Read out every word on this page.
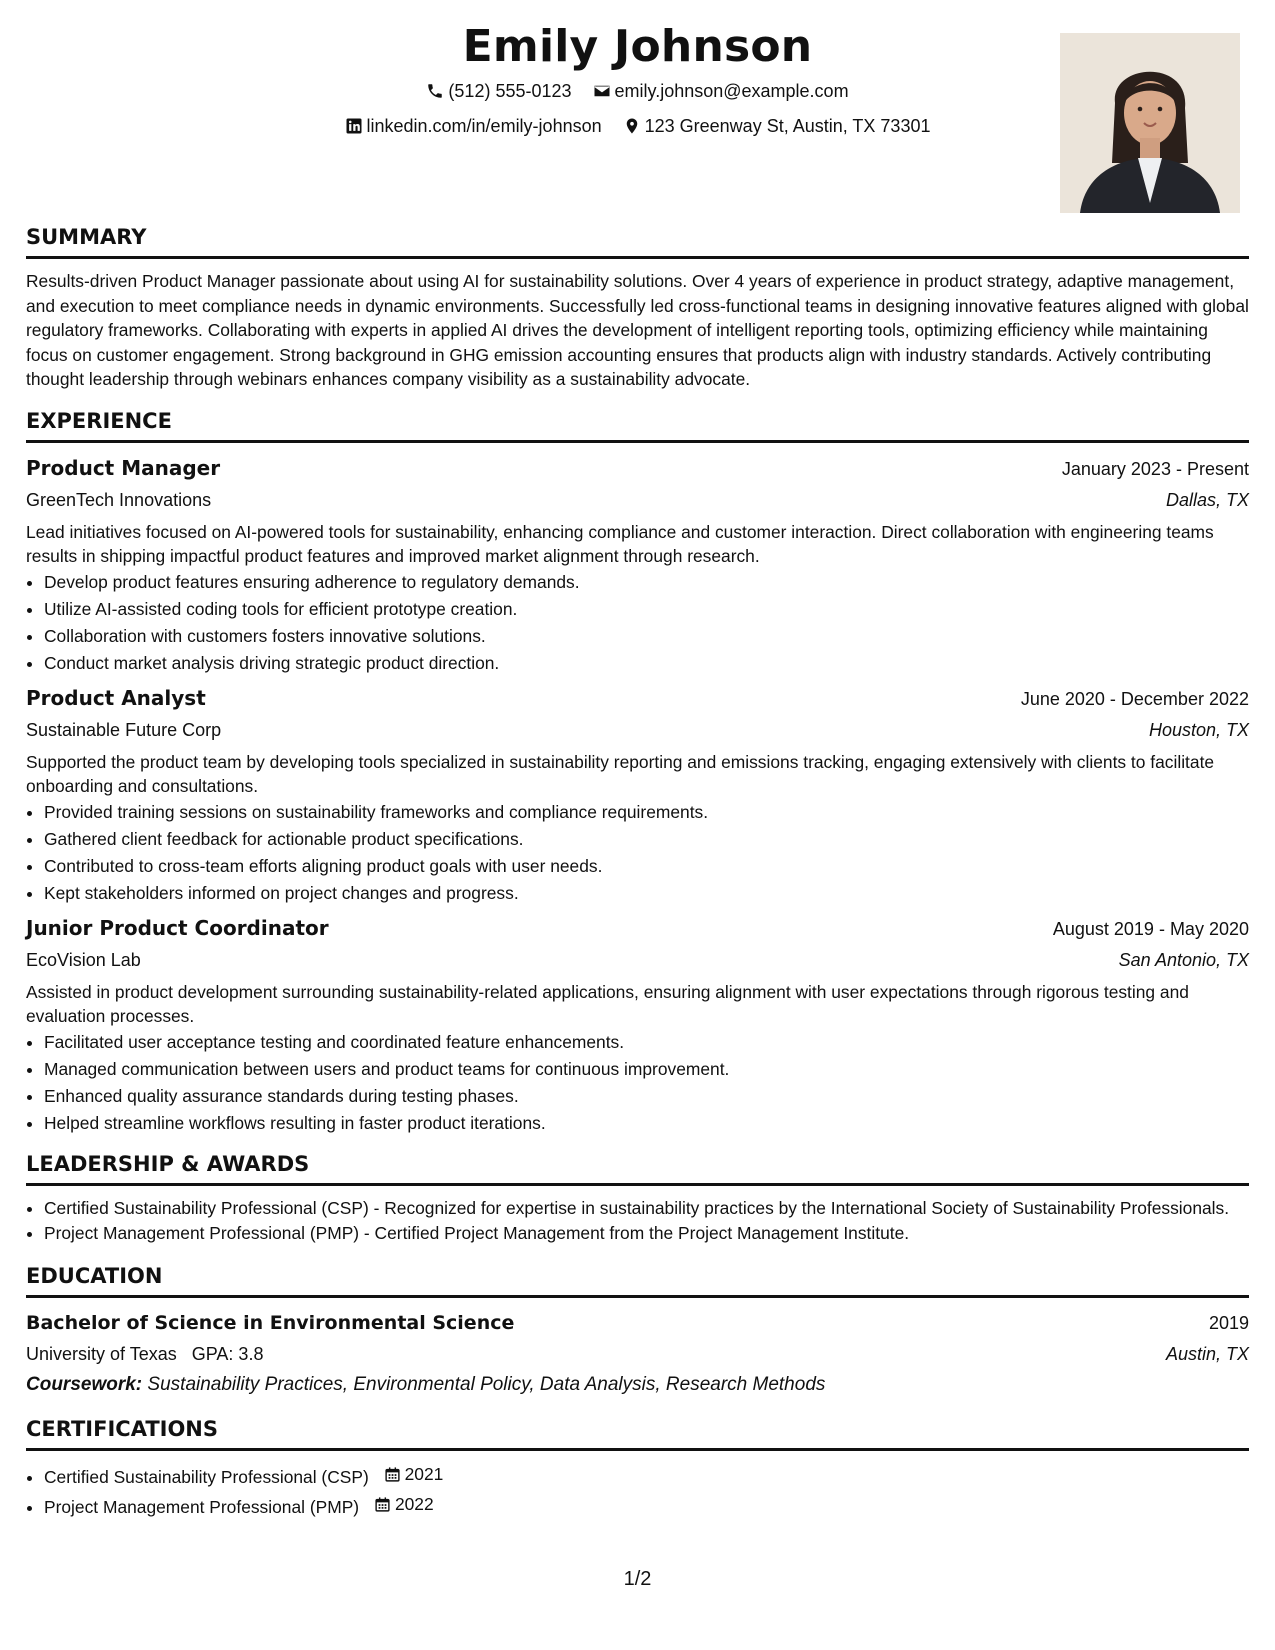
Emily Johnson
(512) 555-0123
emily.johnson@example.com
linkedin.com/in/emily-johnson
123 Greenway St, Austin, TX 73301
SUMMARY

Results-driven Product Manager passionate about using AI for sustainability solutions. Over 4 years of experience in product strategy, adaptive management, and execution to meet compliance needs in dynamic environments. Successfully led cross-functional teams in designing innovative features aligned with global regulatory frameworks. Collaborating with experts in applied AI drives the development of intelligent reporting tools, optimizing efficiency while maintaining focus on customer engagement. Strong background in GHG emission accounting ensures that products align with industry standards. Actively contributing thought leadership through webinars enhances company visibility as a sustainability advocate.

EXPERIENCE
Product Manager	January 2023 - Present
GreenTech Innovations	Dallas, TX

Lead initiatives focused on AI-powered tools for sustainability, enhancing compliance and customer interaction. Direct collaboration with engineering teams results in shipping impactful product features and improved market alignment through research.

• Develop product features ensuring adherence to regulatory demands.
• Utilize AI-assisted coding tools for efficient prototype creation.
• Collaboration with customers fosters innovative solutions.
• Conduct market analysis driving strategic product direction.
Product Analyst	June 2020 - December 2022
Sustainable Future Corp	Houston, TX

Supported the product team by developing tools specialized in sustainability reporting and emissions tracking, engaging extensively with clients to facilitate onboarding and consultations.

• Provided training sessions on sustainability frameworks and compliance requirements.
• Gathered client feedback for actionable product specifications.
• Contributed to cross-team efforts aligning product goals with user needs.
• Kept stakeholders informed on project changes and progress.
Junior Product Coordinator	August 2019 - May 2020
EcoVision Lab	San Antonio, TX

Assisted in product development surrounding sustainability-related applications, ensuring alignment with user expectations through rigorous testing and evaluation processes.

• Facilitated user acceptance testing and coordinated feature enhancements.
• Managed communication between users and product teams for continuous improvement.
• Enhanced quality assurance standards during testing phases.
• Helped streamline workflows resulting in faster product iterations.
LEADERSHIP & AWARDS
• Certified Sustainability Professional (CSP) - Recognized for expertise in sustainability practices by the International Society of Sustainability Professionals.
• Project Management Professional (PMP) - Certified Project Management from the Project Management Institute.
EDUCATION
Bachelor of Science in Environmental Science	2019
University of Texas GPA: 3.8	Austin, TX
Coursework: Sustainability Practices, Environmental Policy, Data Analysis, Research Methods
CERTIFICATIONS
• Certified Sustainability Professional (CSP) 2021
• Project Management Professional (PMP) 2022
1/2
